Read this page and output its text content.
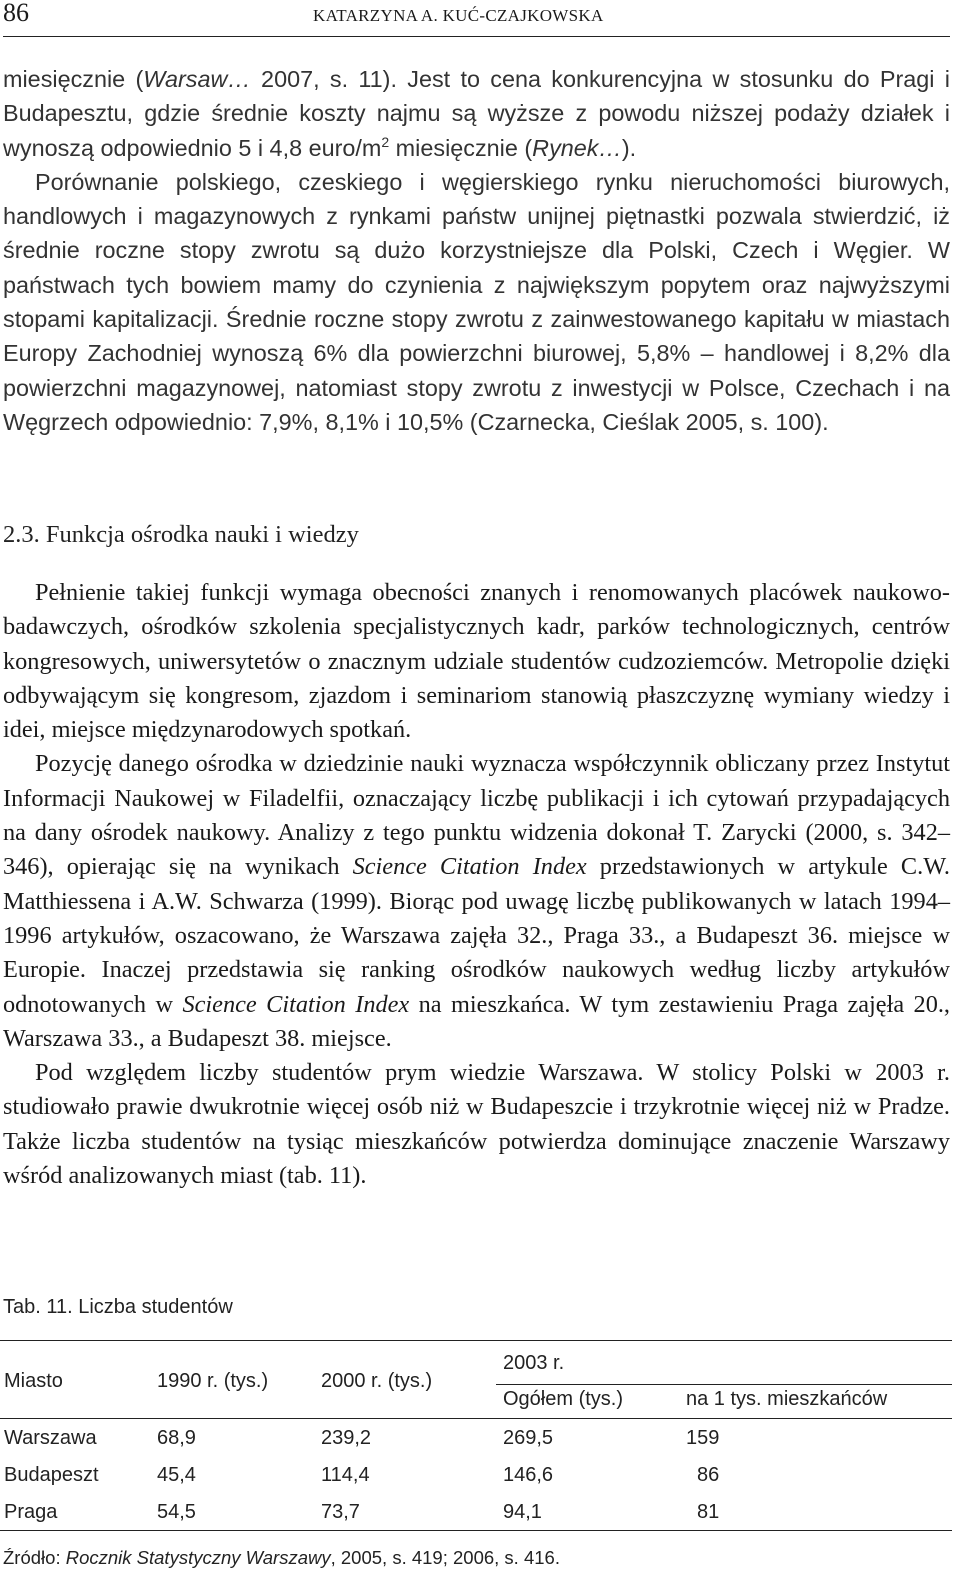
86	KATARZYNA A. KUĆ-CZAJKOWSKA

miesięcznie (Warsaw… 2007, s. 11). Jest to cena konkurencyjna w stosunku do Pragi i Budapesztu, gdzie średnie koszty najmu są wyższe z powodu niższej podaży działek i wynoszą odpowiednio 5 i 4,8 euro/$m^2$ miesięcznie (Rynek…).

Porównanie polskiego, czeskiego i węgierskiego rynku nieruchomości biurowych, handlowych i magazynowych z rynkami państw unijnej piętnastki pozwala stwierdzić, iż średnie roczne stopy zwrotu są dużo korzystniejsze dla Polski, Czech i Węgier. W państwach tych bowiem mamy do czynienia z największym popytem oraz najwyższymi stopami kapitalizacji. Średnie roczne stopy zwrotu z zainwestowanego kapitału w miastach Europy Zachodniej wynoszą 6% dla powierzchni biurowej, 5,8% – handlowej i 8,2% dla powierzchni magazynowej, natomiast stopy zwrotu z inwestycji w Polsce, Czechach i na Węgrzech odpowiednio: 7,9%, 8,1% i 10,5% (Czarnecka, Cieślak 2005, s. 100).

2.3. Funkcja ośrodka nauki i wiedzy

Pełnienie takiej funkcji wymaga obecności znanych i renomowanych placówek naukowo-badawczych, ośrodków szkolenia specjalistycznych kadr, parków technologicznych, centrów kongresowych, uniwersytetów o znacznym udziale studentów cudzoziemców. Metropolie dzięki odbywającym się kongresom, zjazdom i seminariom stanowią płaszczyznę wymiany wiedzy i idei, miejsce międzynarodowych spotkań.

Pozycję danego ośrodka w dziedzinie nauki wyznacza współczynnik obliczany przez Instytut Informacji Naukowej w Filadelfii, oznaczający liczbę publikacji i ich cytowań przypadających na dany ośrodek naukowy. Analizy z tego punktu widzenia dokonał T. Zarycki (2000, s. 342–346), opierając się na wynikach Science Citation Index przedstawionych w artykule C.W. Matthiessena i A.W. Schwarza (1999). Biorąc pod uwagę liczbę publikowanych w latach 1994–1996 artykułów, oszacowano, że Warszawa zajęła 32., Praga 33., a Budapeszt 36. miejsce w Europie. Inaczej przedstawia się ranking ośrodków naukowych według liczby artykułów odnotowanych w Science Citation Index na mieszkańca. W tym zestawieniu Praga zajęła 20., Warszawa 33., a Budapeszt 38. miejsce.

Pod względem liczby studentów prym wiedzie Warszawa. W stolicy Polski w 2003 r. studiowało prawie dwukrotnie więcej osób niż w Budapeszcie i trzykrotnie więcej niż w Pradze. Także liczba studentów na tysiąc mieszkańców potwierdza dominujące znaczenie Warszawy wśród analizowanych miast (tab. 11).

Tab. 11. Liczba studentów
Miasto	1990 r. (tys.)	2000 r. (tys.)
2003 r.
Ogółem (tys.)	na 1 tys. mieszkańców
Warszawa	68,9	239,2	269,5	159
Budapeszt	45,4	114,4	146,6	86
Praga	54,5	73,7	94,1	81
Źródło: Rocznik Statystyczny Warszawy, 2005, s. 419; 2006, s. 416.
